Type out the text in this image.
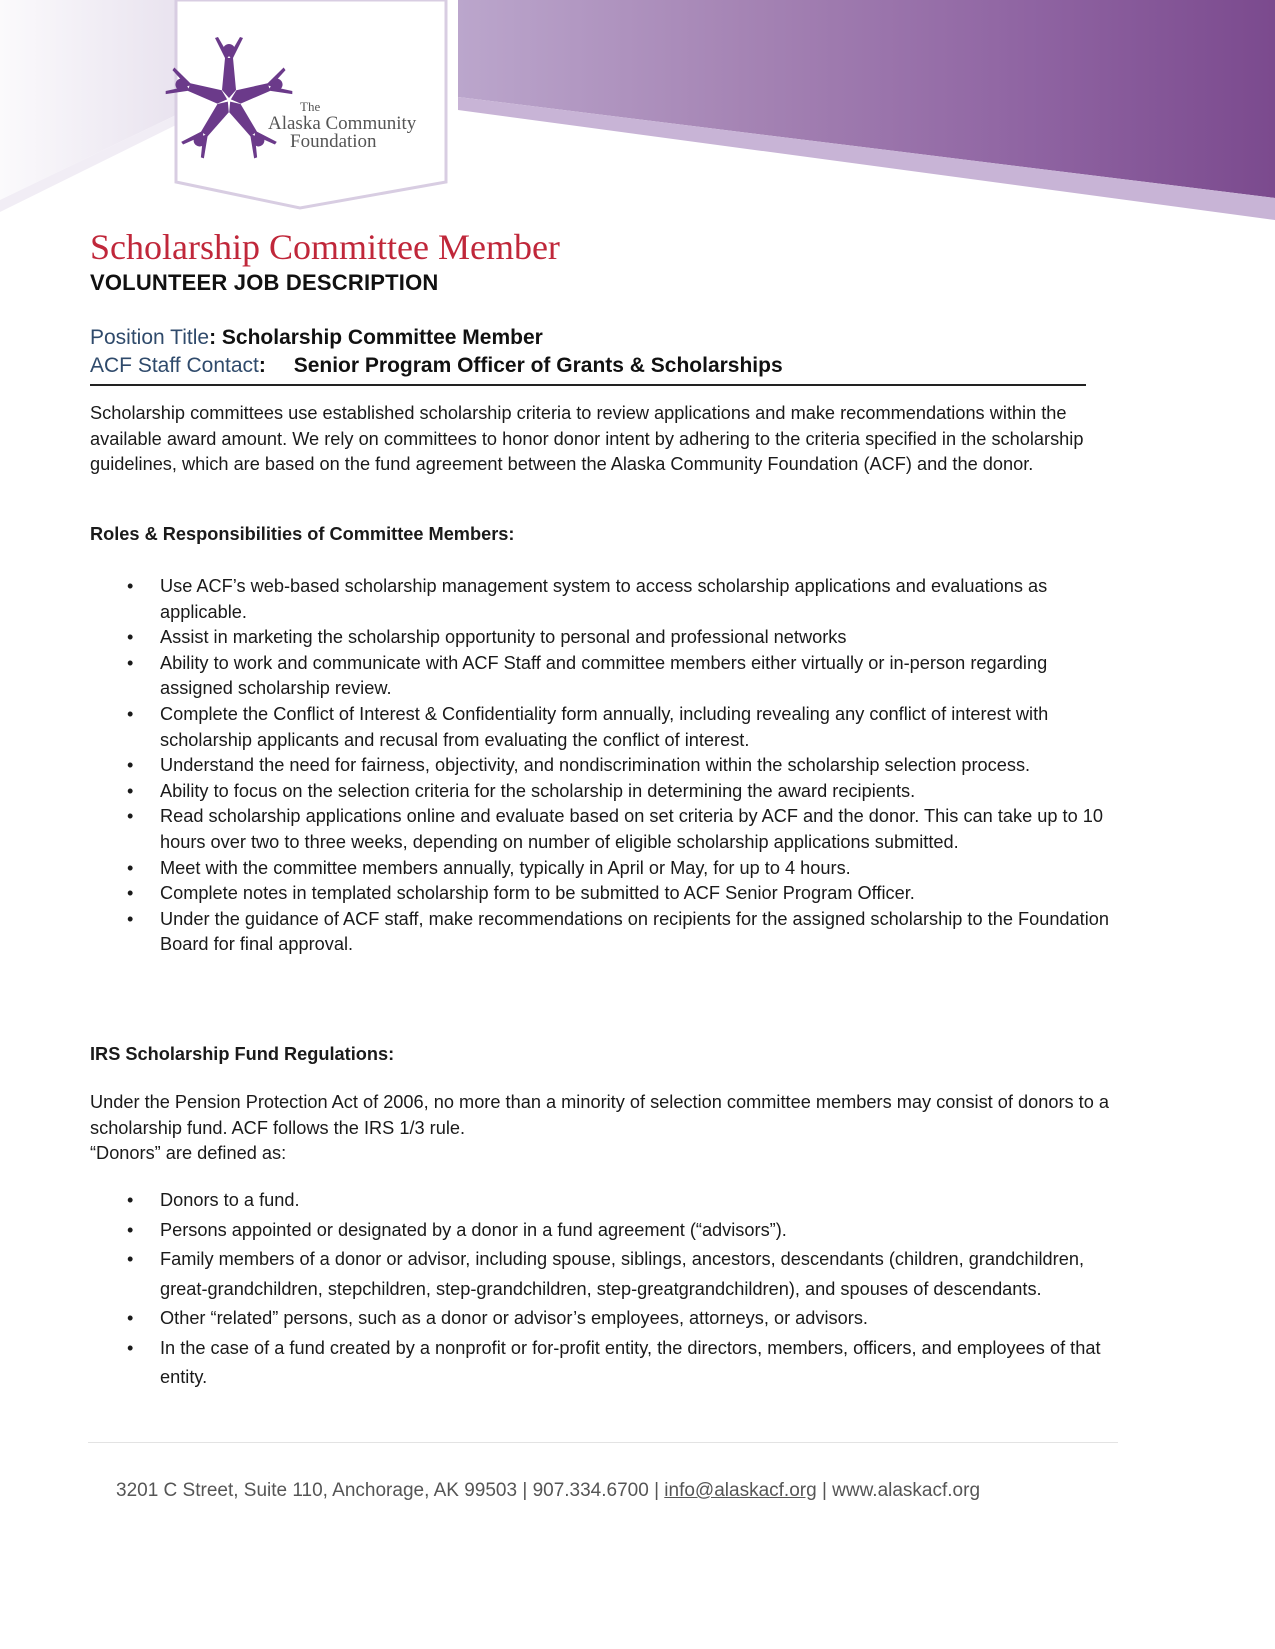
The
Alaska Community
Foundation
Scholarship Committee Member
VOLUNTEER JOB DESCRIPTION
Position Title: Scholarship Committee Member
ACF Staff Contact: Senior Program Officer of Grants & Scholarships

Scholarship committees use established scholarship criteria to review applications and make recommendations within the available award amount. We rely on committees to honor donor intent by adhering to the criteria specified in the scholarship guidelines, which are based on the fund agreement between the Alaska Community Foundation (ACF) and the donor.

Roles & Responsibilities of Committee Members:

• Use ACF’s web-based scholarship management system to access scholarship applications and evaluations as applicable.
• Assist in marketing the scholarship opportunity to personal and professional networks
• Ability to work and communicate with ACF Staff and committee members either virtually or in-person regarding assigned scholarship review.
• Complete the Conflict of Interest & Confidentiality form annually, including revealing any conflict of interest with scholarship applicants and recusal from evaluating the conflict of interest.
• Understand the need for fairness, objectivity, and nondiscrimination within the scholarship selection process.
• Ability to focus on the selection criteria for the scholarship in determining the award recipients.
• Read scholarship applications online and evaluate based on set criteria by ACF and the donor. This can take up to 10 hours over two to three weeks, depending on number of eligible scholarship applications submitted.
• Meet with the committee members annually, typically in April or May, for up to 4 hours.
• Complete notes in templated scholarship form to be submitted to ACF Senior Program Officer.
• Under the guidance of ACF staff, make recommendations on recipients for the assigned scholarship to the Foundation Board for final approval.

IRS Scholarship Fund Regulations:

Under the Pension Protection Act of 2006, no more than a minority of selection committee members may consist of donors to a scholarship fund. ACF follows the IRS 1/3 rule.

“Donors” are defined as:

• Donors to a fund.
• Persons appointed or designated by a donor in a fund agreement (“advisors”).
• Family members of a donor or advisor, including spouse, siblings, ancestors, descendants (children, grandchildren, great-grandchildren, stepchildren, step-grandchildren, step-greatgrandchildren), and spouses of descendants.
• Other “related” persons, such as a donor or advisor’s employees, attorneys, or advisors.
• In the case of a fund created by a nonprofit or for-profit entity, the directors, members, officers, and employees of that entity.
3201 C Street, Suite 110, Anchorage, AK 99503 | 907.334.6700 | info@alaskacf.org | www.alaskacf.org
